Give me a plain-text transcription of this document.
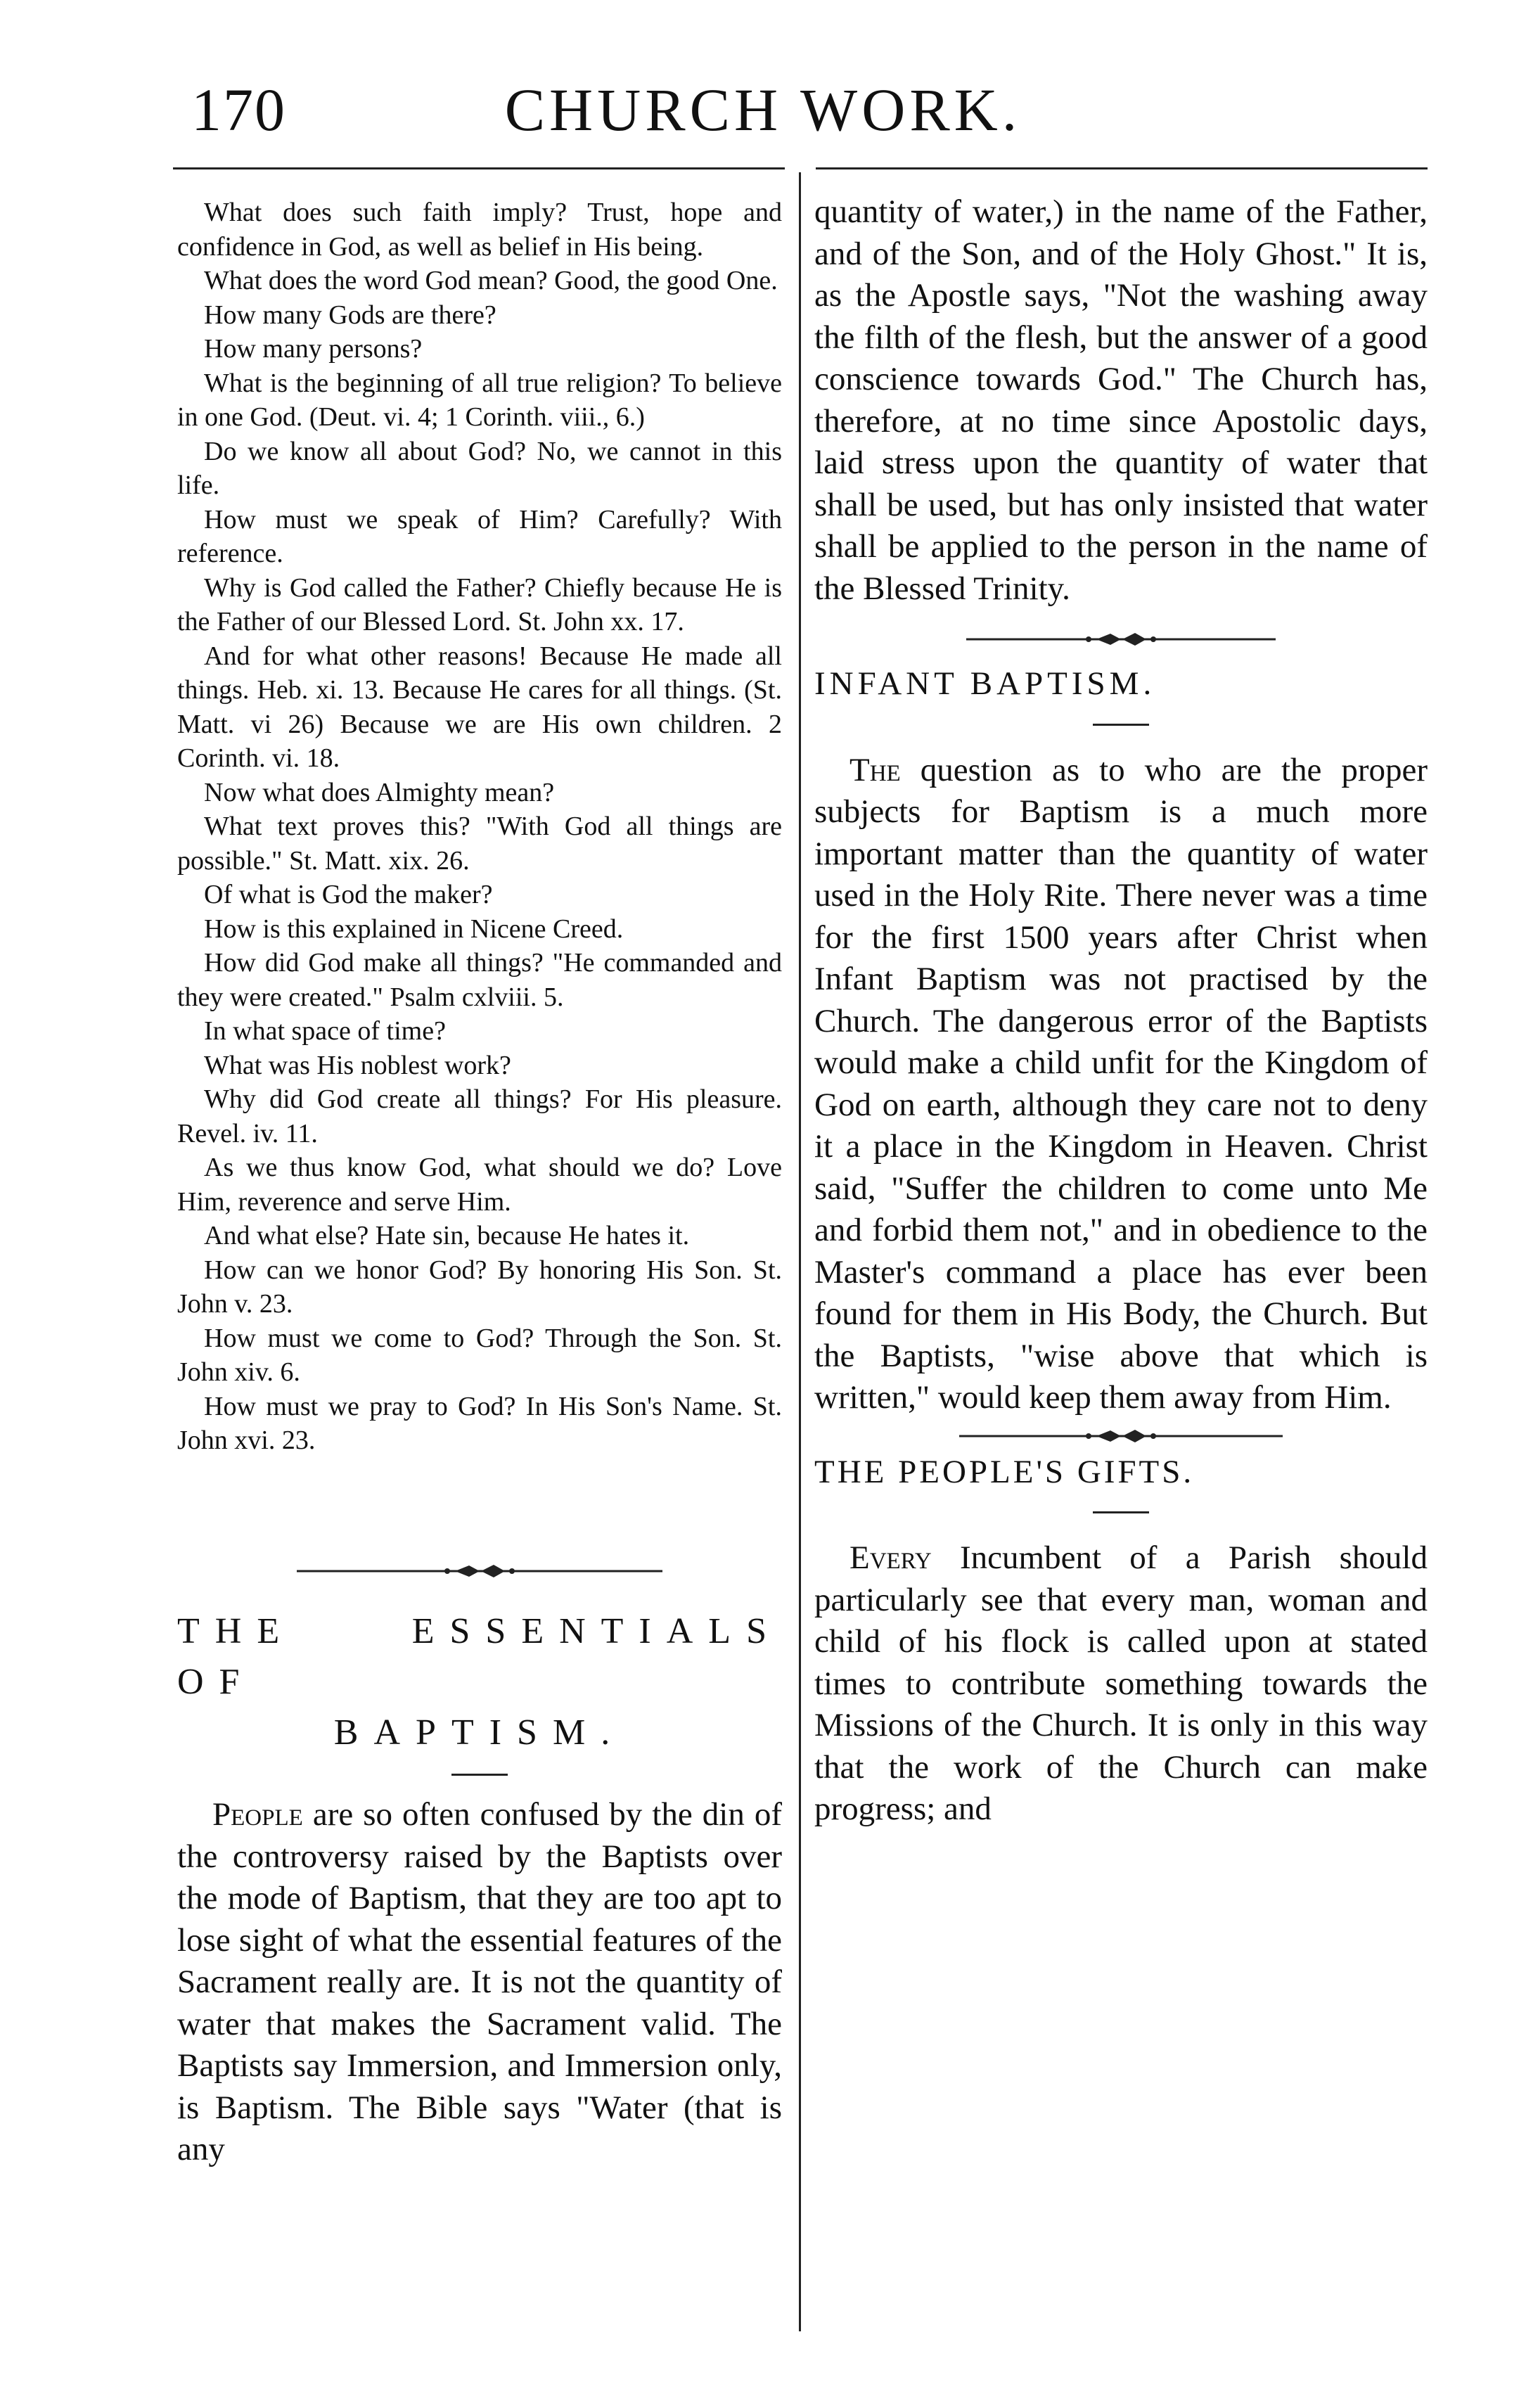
170	CHURCH WORK.

What does such faith imply? Trust, hope and confidence in God, as well as belief in His being.

What does the word God mean? Good, the good One.

How many Gods are there?

How many persons?

What is the beginning of all true religion? To believe in one God. (Deut. vi. 4; 1 Corinth. viii., 6.)

Do we know all about God? No, we cannot in this life.

How must we speak of Him? Carefully? With reference.

Why is God called the Father? Chiefly because He is the Father of our Blessed Lord. St. John xx. 17.

And for what other reasons! Because He made all things. Heb. xi. 13. Because He cares for all things. (St. Matt. vi 26) Because we are His own children. 2 Corinth. vi. 18.

Now what does Almighty mean?

What text proves this? "With God all things are possible." St. Matt. xix. 26.

Of what is God the maker?

How is this explained in Nicene Creed.

How did God make all things? "He commanded and they were created." Psalm cxlviii. 5.

In what space of time?

What was His noblest work?

Why did God create all things? For His pleasure. Revel. iv. 11.

As we thus know God, what should we do? Love Him, reverence and serve Him.

And what else? Hate sin, because He hates it.

How can we honor God? By honoring His Son. St. John v. 23.

How must we come to God? Through the Son. St. John xiv. 6.

How must we pray to God? In His Son's Name. St. John xvi. 23.

THE ESSENTIALS OF

BAPTISM.

People are so often confused by the din of the controversy raised by the Baptists over the mode of Baptism, that they are too apt to lose sight of what the essential features of the Sacrament really are. It is not the quantity of water that makes the Sacrament valid. The Baptists say Immersion, and Immersion only, is Baptism. The Bible says "Water (that is any

quantity of water,) in the name of the Father, and of the Son, and of the Holy Ghost." It is, as the Apostle says, "Not the washing away the filth of the flesh, but the answer of a good conscience towards God." The Church has, therefore, at no time since Apostolic days, laid stress upon the quantity of water that shall be used, but has only insisted that water shall be applied to the person in the name of the Blessed Trinity.

INFANT BAPTISM.

The question as to who are the proper subjects for Baptism is a much more important matter than the quantity of water used in the Holy Rite. There never was a time for the first 1500 years after Christ when Infant Baptism was not practised by the Church. The dangerous error of the Baptists would make a child unfit for the Kingdom of God on earth, although they care not to deny it a place in the Kingdom in Heaven. Christ said, "Suffer the children to come unto Me and forbid them not," and in obedience to the Master's command a place has ever been found for them in His Body, the Church. But the Baptists, "wise above that which is written," would keep them away from Him.

THE PEOPLE'S GIFTS.

Every Incumbent of a Parish should particularly see that every man, woman and child of his flock is called upon at stated times to contribute something towards the Missions of the Church. It is only in this way that the work of the Church can make progress; and
